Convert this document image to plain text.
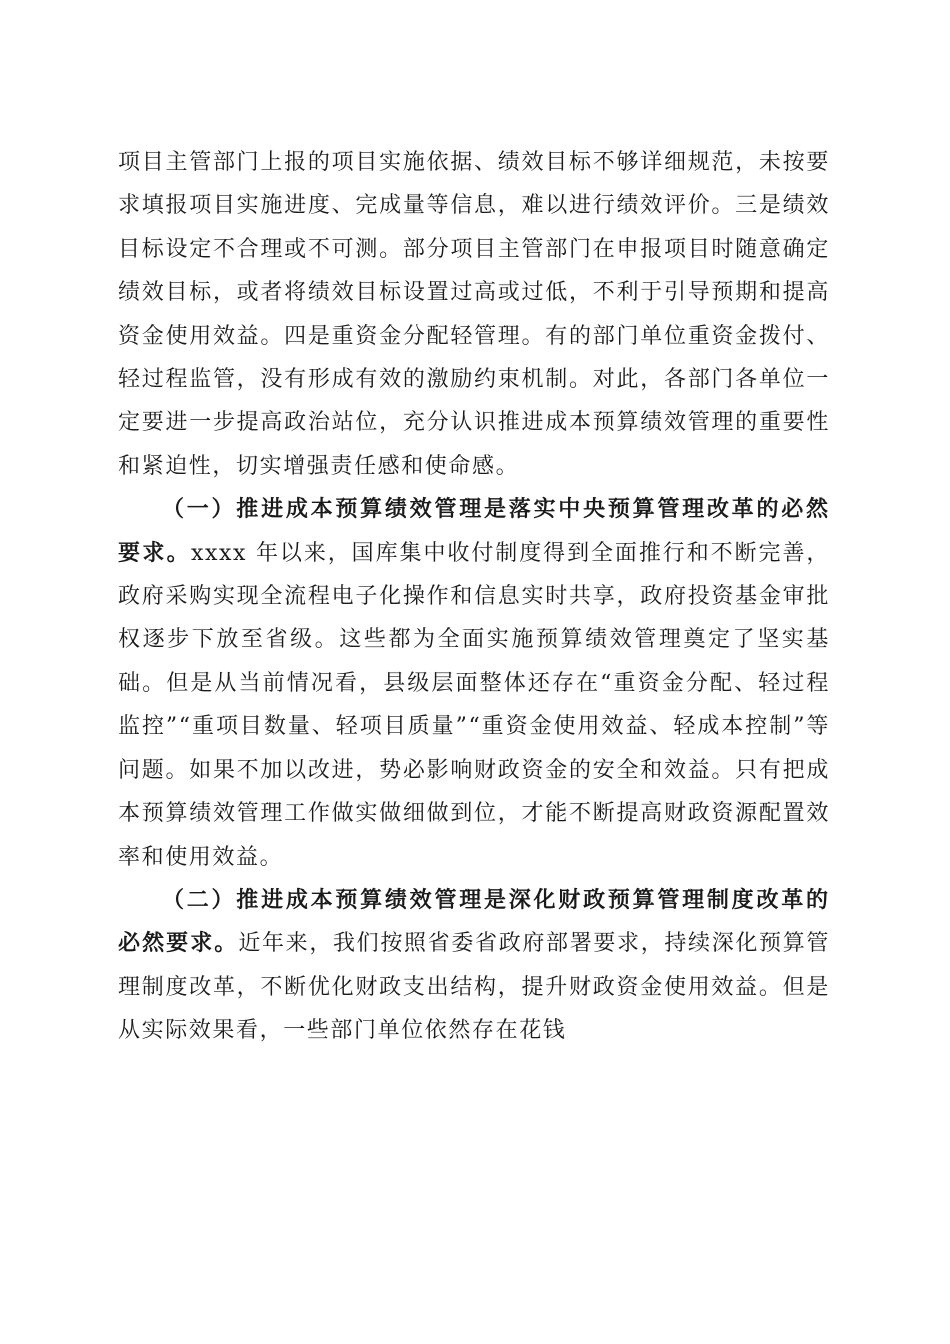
项目主管部门上报的项目实施依据、绩效目标不够详细规范，未按要求填报项目实施进度、完成量等信息，难以进行绩效评价。三是绩效目标设定不合理或不可测。部分项目主管部门在申报项目时随意确定绩效目标，或者将绩效目标设置过高或过低，不利于引导预期和提高资金使用效益。四是重资金分配轻管理。有的部门单位重资金拨付、轻过程监管，没有形成有效的激励约束机制。对此，各部门各单位一定要进一步提高政治站位，充分认识推进成本预算绩效管理的重要性和紧迫性，切实增强责任感和使命感。

（一）推进成本预算绩效管理是落实中央预算管理改革的必然要求。xxxx 年以来，国库集中收付制度得到全面推行和不断完善，政府采购实现全流程电子化操作和信息实时共享，政府投资基金审批权逐步下放至省级。这些都为全面实施预算绩效管理奠定了坚实基础。但是从当前情况看，县级层面整体还存在“重资金分配、轻过程监控”“重项目数量、轻项目质量”“重资金使用效益、轻成本控制”等问题。如果不加以改进，势必影响财政资金的安全和效益。只有把成本预算绩效管理工作做实做细做到位，才能不断提高财政资源配置效率和使用效益。

（二）推进成本预算绩效管理是深化财政预算管理制度改革的必然要求。近年来，我们按照省委省政府部署要求，持续深化预算管理制度改革，不断优化财政支出结构，提升财政资金使用效益。但是从实际效果看，一些部门单位依然存在花钱
